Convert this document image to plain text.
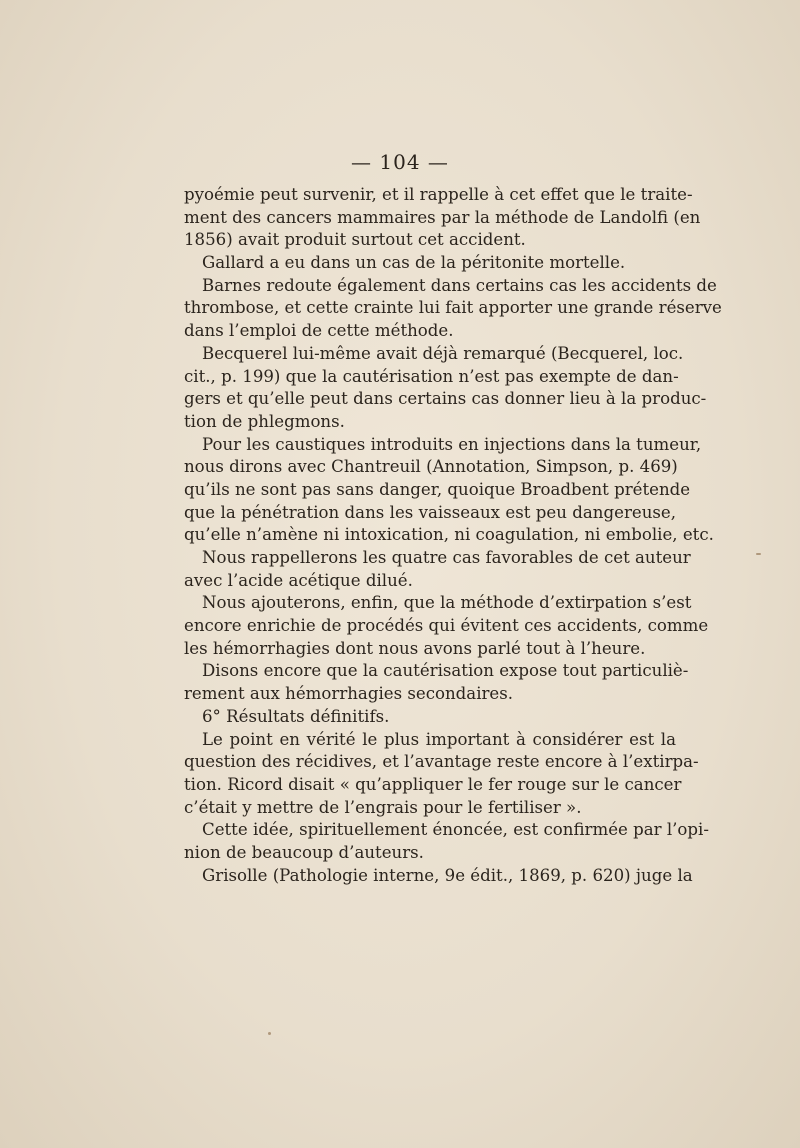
— 104 —
pyoémie peut survenir, et il rappelle à cet effet que le traite-
ment des cancers mammaires par la méthode de Landolfi (en
1856) avait produit surtout cet accident.
Gallard a eu dans un cas de la péritonite mortelle.
Barnes redoute également dans certains cas les accidents de
thrombose, et cette crainte lui fait apporter une grande réserve
dans l’emploi de cette méthode.
Becquerel lui-même avait déjà remarqué (Becquerel, loc.
cit., p. 199) que la cautérisation n’est pas exempte de dan-
gers et qu’elle peut dans certains cas donner lieu à la produc-
tion de phlegmons.
Pour les caustiques introduits en injections dans la tumeur,
nous dirons avec Chantreuil (Annotation, Simpson, p. 469)
qu’ils ne sont pas sans danger, quoique Broadbent prétende
que la pénétration dans les vaisseaux est peu dangereuse,
qu’elle n’amène ni intoxication, ni coagulation, ni embolie, etc.
Nous rappellerons les quatre cas favorables de cet auteur
avec l’acide acétique dilué.
Nous ajouterons, enfin, que la méthode d’extirpation s’est
encore enrichie de procédés qui évitent ces accidents, comme
les hémorrhagies dont nous avons parlé tout à l’heure.
Disons encore que la cautérisation expose tout particuliè-
rement aux hémorrhagies secondaires.
6° Résultats définitifs.
Le point en vérité le plus important à considérer est la
question des récidives, et l’avantage reste encore à l’extirpa-
tion. Ricord disait « qu’appliquer le fer rouge sur le cancer
c’était y mettre de l’engrais pour le fertiliser ».
Cette idée, spirituellement énoncée, est confirmée par l’opi-
nion de beaucoup d’auteurs.
Grisolle (Pathologie interne, 9e édit., 1869, p. 620) juge la
